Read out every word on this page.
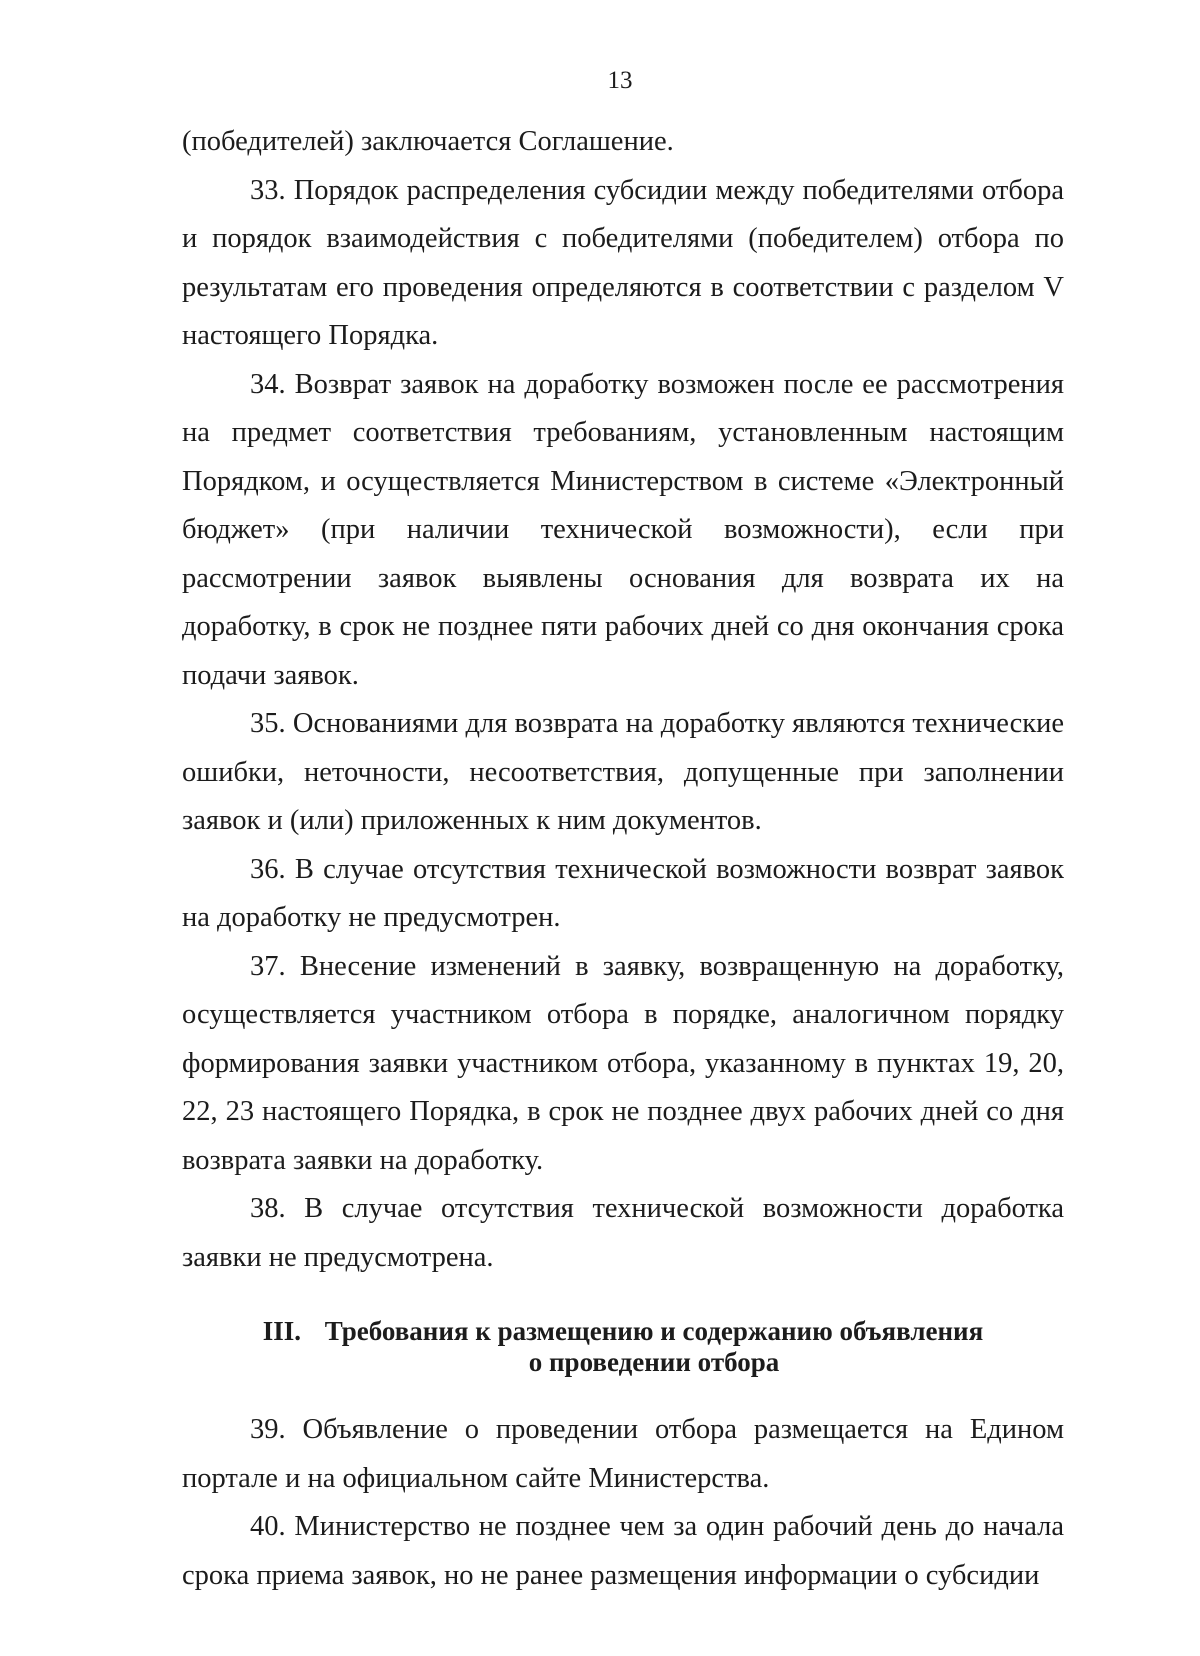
13

(победителей) заключается Соглашение.

33. Порядок распределения субсидии между победителями отбора и порядок взаимодействия с победителями (победителем) отбора по результатам его проведения определяются в соответствии с разделом V настоящего Порядка.

34. Возврат заявок на доработку возможен после ее рассмотрения на предмет соответствия требованиям, установленным настоящим Порядком, и осуществляется Министерством в системе «Электронный бюджет» (при наличии технической возможности), если при рассмотрении заявок выявлены основания для возврата их на доработку, в срок не позднее пяти рабочих дней со дня окончания срока подачи заявок.

35. Основаниями для возврата на доработку являются технические ошибки, неточности, несоответствия, допущенные при заполнении заявок и (или) приложенных к ним документов.

36. В случае отсутствия технической возможности возврат заявок на доработку не предусмотрен.

37. Внесение изменений в заявку, возвращенную на доработку, осуществляется участником отбора в порядке, аналогичном порядку формирования заявки участником отбора, указанному в пунктах 19, 20, 22, 23 настоящего Порядка, в срок не позднее двух рабочих дней со дня возврата заявки на доработку.

38. В случае отсутствия технической возможности доработка заявки не предусмотрена.

III. Требования к размещению и содержанию объявления
о проведении отбора

39. Объявление о проведении отбора размещается на Едином портале и на официальном сайте Министерства.

40. Министерство не позднее чем за один рабочий день до начала срока приема заявок, но не ранее размещения информации о субсидии
